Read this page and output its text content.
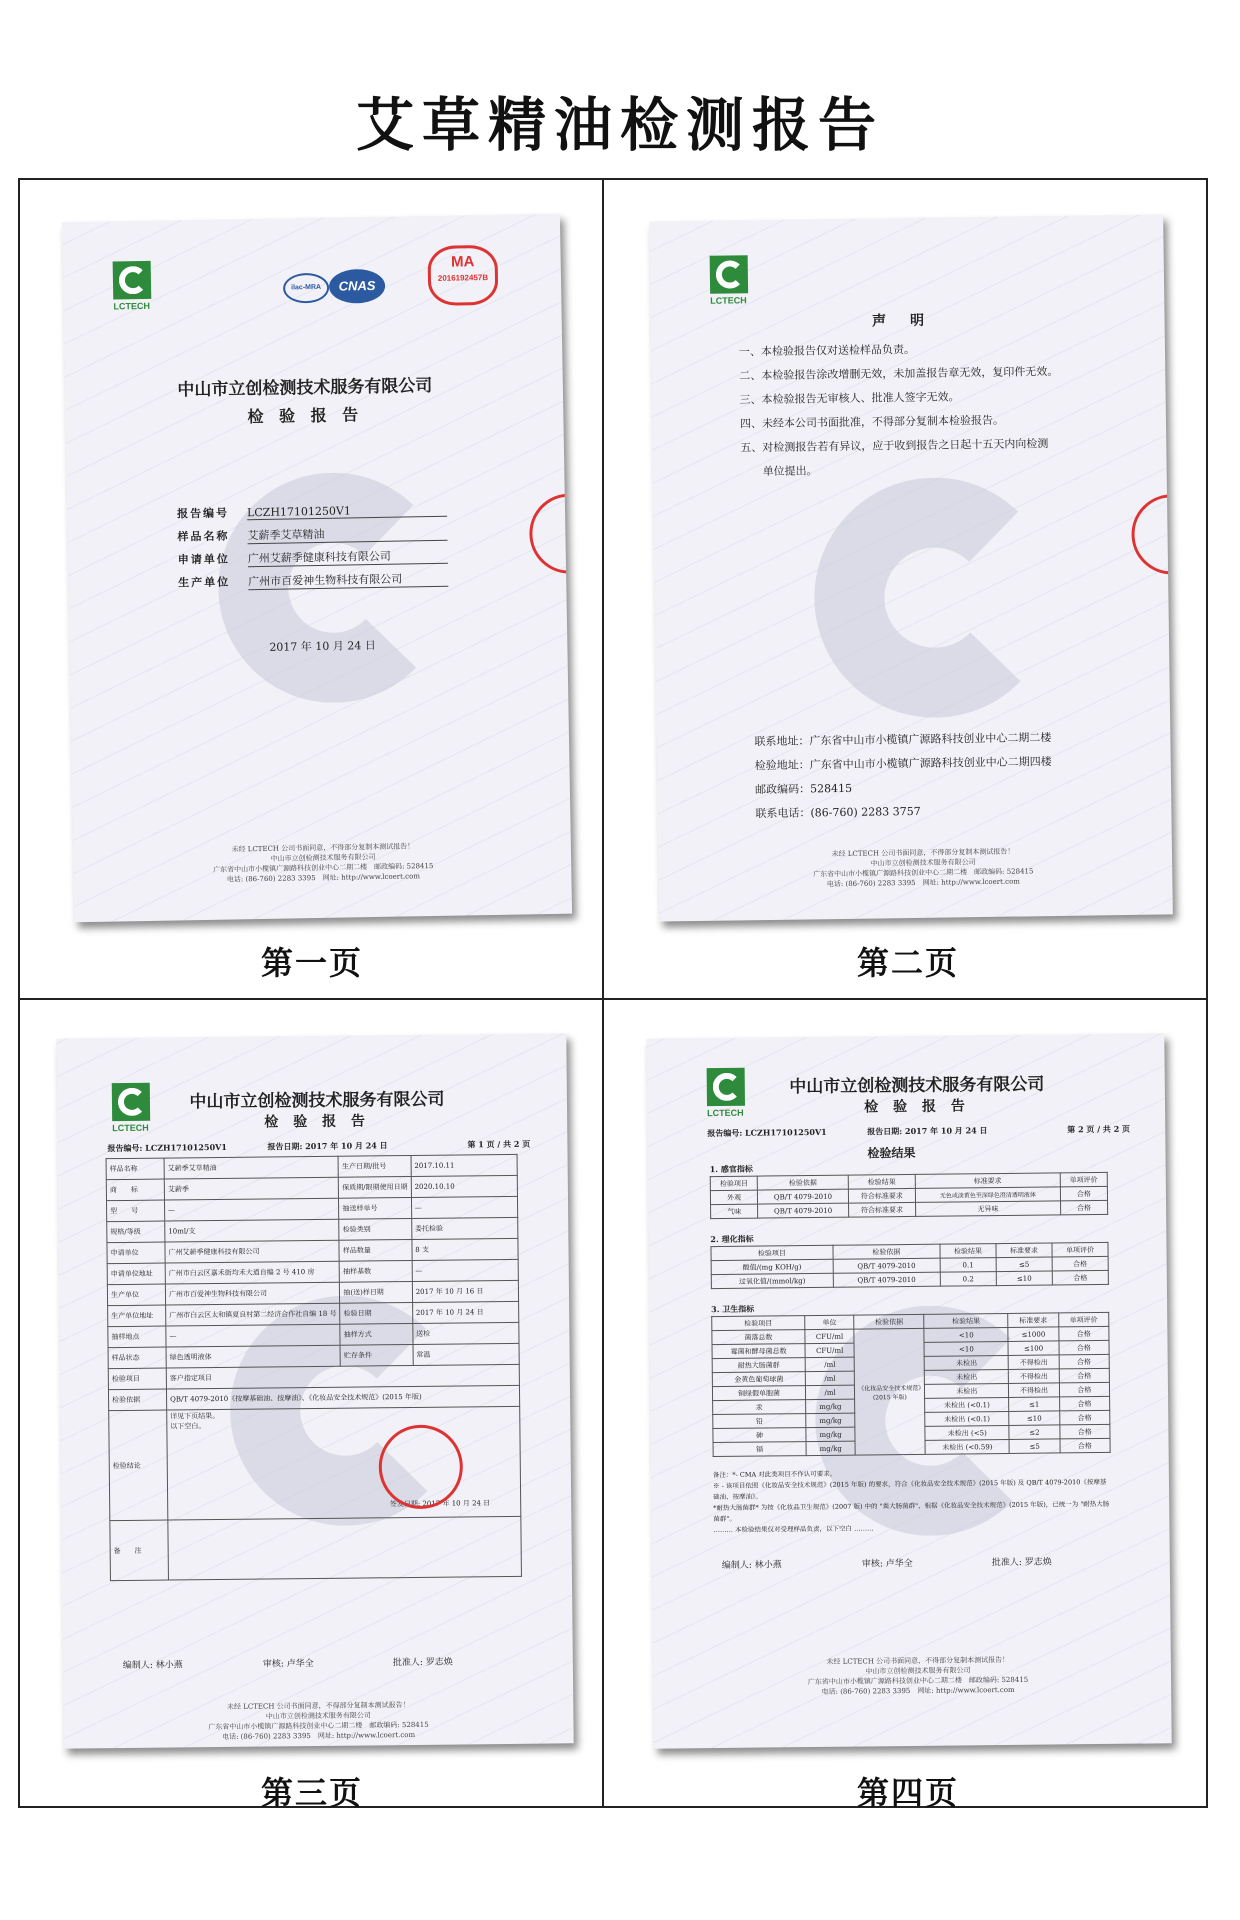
艾草精油检测报告
LCTECH
ilac-MRA	CNAS
MA
2016192457B
中山市立创检测技术服务有限公司
检 验 报 告
报告编号 LCZH17101250V1
样品名称 艾薪季艾草精油
申请单位 广州艾薪季健康科技有限公司
生产单位 广州市百爱神生物科技有限公司
2017 年 10 月 24 日
未经 LCTECH 公司书面同意，不得部分复制本测试报告！
中山市立创检测技术服务有限公司
广东省中山市小榄镇广源路科技创业中心二期二楼　邮政编码: 528415
电话: (86-760) 2283 3395　网址: http://www.lcoert.com
第一页
LCTECH
声　明
一、本检验报告仅对送检样品负责。
二、本检验报告涂改增删无效，未加盖报告章无效，复印件无效。
三、本检验报告无审核人、批准人签字无效。
四、未经本公司书面批准，不得部分复制本检验报告。
五、对检测报告若有异议，应于收到报告之日起十五天内向检测
　　单位提出。
联系地址：广东省中山市小榄镇广源路科技创业中心二期二楼
检验地址：广东省中山市小榄镇广源路科技创业中心二期四楼
邮政编码：528415
联系电话：(86-760) 2283 3757
未经 LCTECH 公司书面同意，不得部分复制本测试报告！
中山市立创检测技术服务有限公司
广东省中山市小榄镇广源路科技创业中心二期二楼　邮政编码: 528415
电话: (86-760) 2283 3395　网址: http://www.lcoert.com
第二页
LCTECH
中山市立创检测技术服务有限公司
检 验 报 告
报告编号: LCZH17101250V1	报告日期: 2017 年 10 月 24 日	第 1 页 / 共 2 页
样品名称	艾薪季艾草精油	生产日期/批号	2017.10.11
商　　标	艾薪季	保质期/限期使用日期	2020.10.10
型　　号	—	抽送样单号	—
规格/等级	10ml/支	检验类别	委托检验
申请单位	广州艾薪季健康科技有限公司	样品数量	8 支
申请单位地址	广州市白云区嘉禾街均禾大道自编 2 号 410 房	抽样基数	—
生产单位	广州市百爱神生物科技有限公司	抽(送)样日期	2017 年 10 月 16 日
生产单位地址	广州市白云区太和镇夏良村第二经济合作社自编 18 号	检验日期	2017 年 10 月 24 日
抽样地点	—	抽样方式	送检
样品状态	绿色透明液体	贮存条件	常温
检验项目	客户指定项目		
检验依据	QB/T 4079-2010《按摩基础油、按摩油》、《化妆品安全技术规范》(2015 年版)		
检验结论	详见下页结果。
以下空白。
签发日期: 2017 年 10 月 24 日		

备　　注			
编制人: 林小燕	审核: 卢华全	批准人: 罗志焕
未经 LCTECH 公司书面同意，不得部分复制本测试报告！
中山市立创检测技术服务有限公司
广东省中山市小榄镇广源路科技创业中心二期二楼　邮政编码: 528415
电话: (86-760) 2283 3395　网址: http://www.lcoert.com
第三页
LCTECH
中山市立创检测技术服务有限公司
检 验 报 告
报告编号: LCZH17101250V1	报告日期: 2017 年 10 月 24 日	第 2 页 / 共 2 页
检验结果
1. 感官指标
检验项目	检验依据	检验结果	标准要求	单项评价
外观	QB/T 4079-2010	符合标准要求	无色或淡黄色至深绿色澄清透明液体	合格
气味	QB/T 4079-2010	符合标准要求	无异味	合格
2. 理化指标
检验项目	检验依据	检验结果	标准要求	单项评价
酸值/(mg KOH/g)	QB/T 4079-2010	0.1	≤5	合格
过氧化值/(mmol/kg)	QB/T 4079-2010	0.2	≤10	合格
3. 卫生指标
检验项目	单位	检验依据	检验结果	标准要求	单项评价
菌落总数	CFU/ml	《化妆品安全技术规范》(2015 年版)	<10	≤1000	合格
霉菌和酵母菌总数	CFU/ml		<10	≤100	合格
耐热大肠菌群	/ml		未检出	不得检出	合格
金黄色葡萄球菌	/ml		未检出	不得检出	合格
铜绿假单胞菌	/ml		未检出	不得检出	合格
汞	mg/kg		未检出 (<0.1)	≤1	合格
铅	mg/kg		未检出 (<0.1)	≤10	合格
砷	mg/kg		未检出 (<5)	≤2	合格
镉	mg/kg		未检出 (<0.59)	≤5	合格
备注：*- CMA 对此类项目不作认可要求。
※ - 该项目依照《化妆品安全技术规范》(2015 年版) 的要求，符合《化妆品安全技术规范》(2015 年版) 及 QB/T 4079-2010《按摩基础油、按摩油》。
*耐热大肠菌群* 为按《化妆品卫生规范》(2007 版) 中的 "粪大肠菌群"，根据《化妆品安全技术规范》(2015 年版)，已统一为 "耐热大肠菌群"。
……… 本检验结果仅对受理样品负责，以下空白 ………
编制人: 林小燕	审核: 卢华全	批准人: 罗志焕
未经 LCTECH 公司书面同意，不得部分复制本测试报告！
中山市立创检测技术服务有限公司
广东省中山市小榄镇广源路科技创业中心二期二楼　邮政编码: 528415
电话: (86-760) 2283 3395　网址: http://www.lcoert.com
第四页
